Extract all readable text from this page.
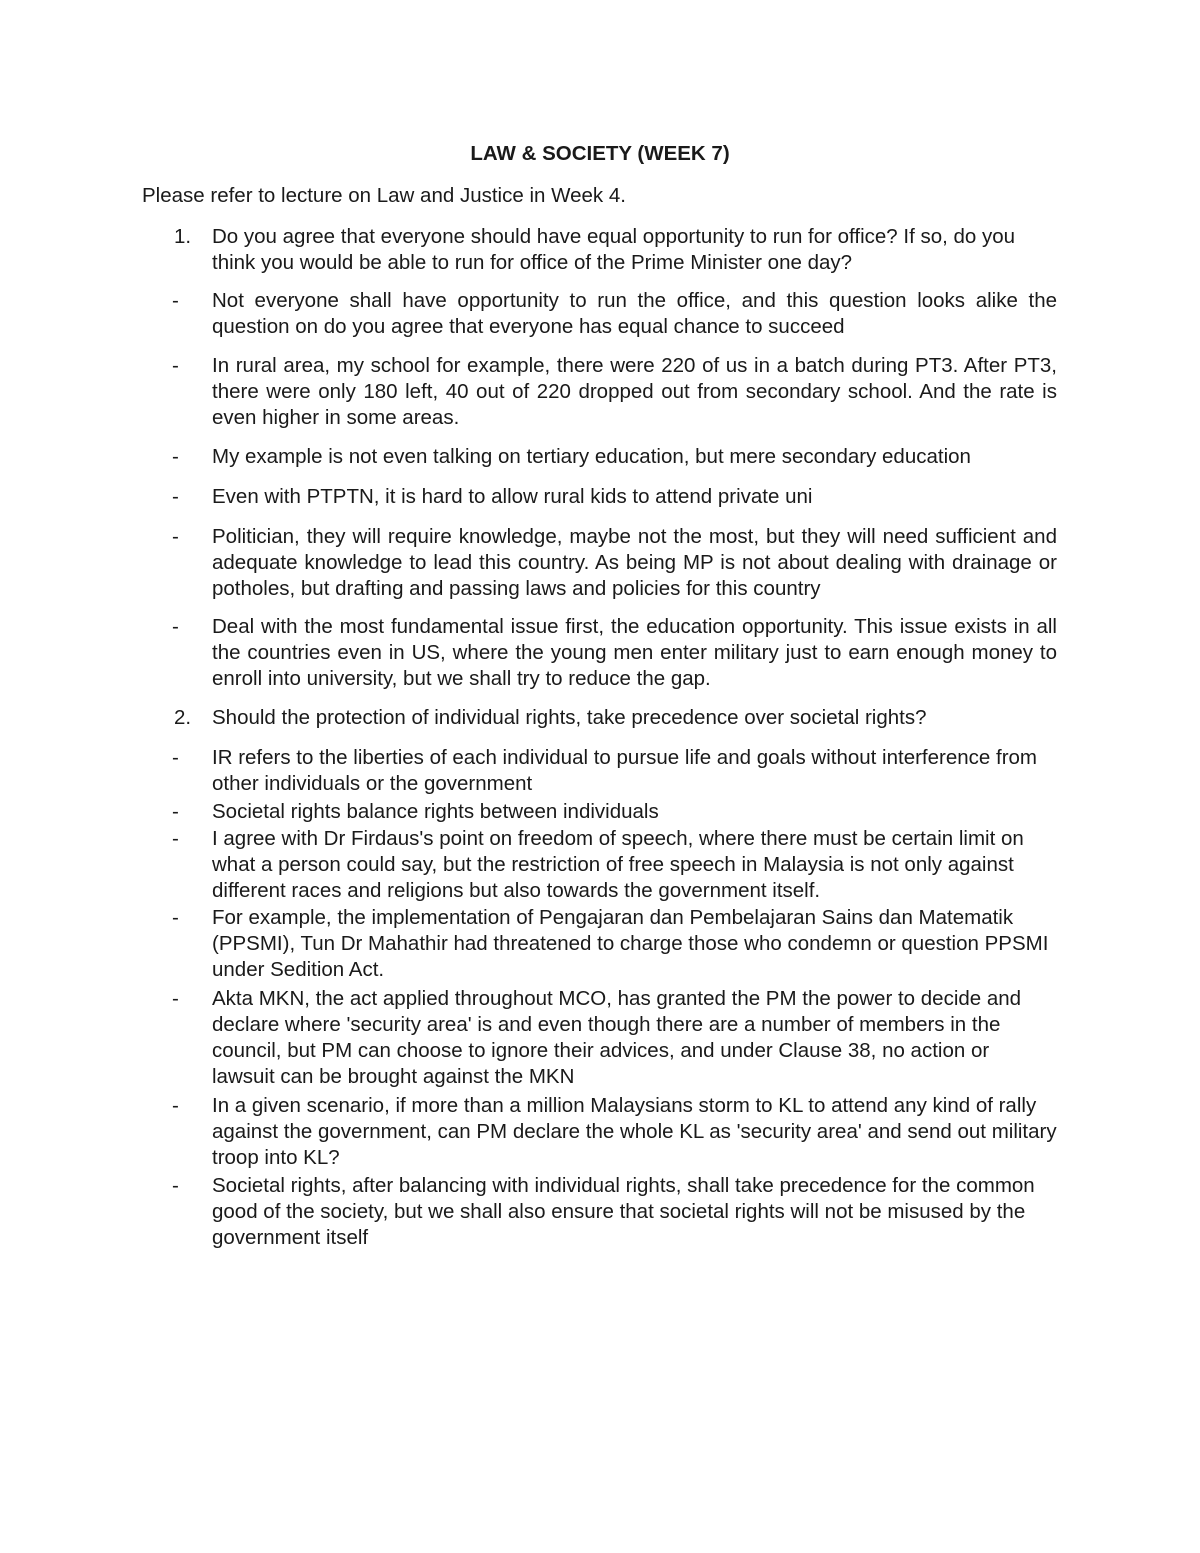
LAW & SOCIETY (WEEK 7)
Please refer to lecture on Law and Justice in Week 4.
1. Do you agree that everyone should have equal opportunity to run for office? If so, do you think you would be able to run for office of the Prime Minister one day?
- Not everyone shall have opportunity to run the office, and this question looks alike the question on do you agree that everyone has equal chance to succeed
- In rural area, my school for example, there were 220 of us in a batch during PT3. After PT3, there were only 180 left, 40 out of 220 dropped out from secondary school. And the rate is even higher in some areas.
- My example is not even talking on tertiary education, but mere secondary education
- Even with PTPTN, it is hard to allow rural kids to attend private uni
- Politician, they will require knowledge, maybe not the most, but they will need sufficient and adequate knowledge to lead this country. As being MP is not about dealing with drainage or potholes, but drafting and passing laws and policies for this country
- Deal with the most fundamental issue first, the education opportunity. This issue exists in all the countries even in US, where the young men enter military just to earn enough money to enroll into university, but we shall try to reduce the gap.
2. Should the protection of individual rights, take precedence over societal rights?
- IR refers to the liberties of each individual to pursue life and goals without interference from other individuals or the government
- Societal rights balance rights between individuals
- I agree with Dr Firdaus's point on freedom of speech, where there must be certain limit on what a person could say, but the restriction of free speech in Malaysia is not only against different races and religions but also towards the government itself.
- For example, the implementation of Pengajaran dan Pembelajaran Sains dan Matematik (PPSMI), Tun Dr Mahathir had threatened to charge those who condemn or question PPSMI under Sedition Act.
- Akta MKN, the act applied throughout MCO, has granted the PM the power to decide and declare where 'security area' is and even though there are a number of members in the council, but PM can choose to ignore their advices, and under Clause 38, no action or lawsuit can be brought against the MKN
- In a given scenario, if more than a million Malaysians storm to KL to attend any kind of rally against the government, can PM declare the whole KL as 'security area' and send out military troop into KL?
- Societal rights, after balancing with individual rights, shall take precedence for the common good of the society, but we shall also ensure that societal rights will not be misused by the government itself
